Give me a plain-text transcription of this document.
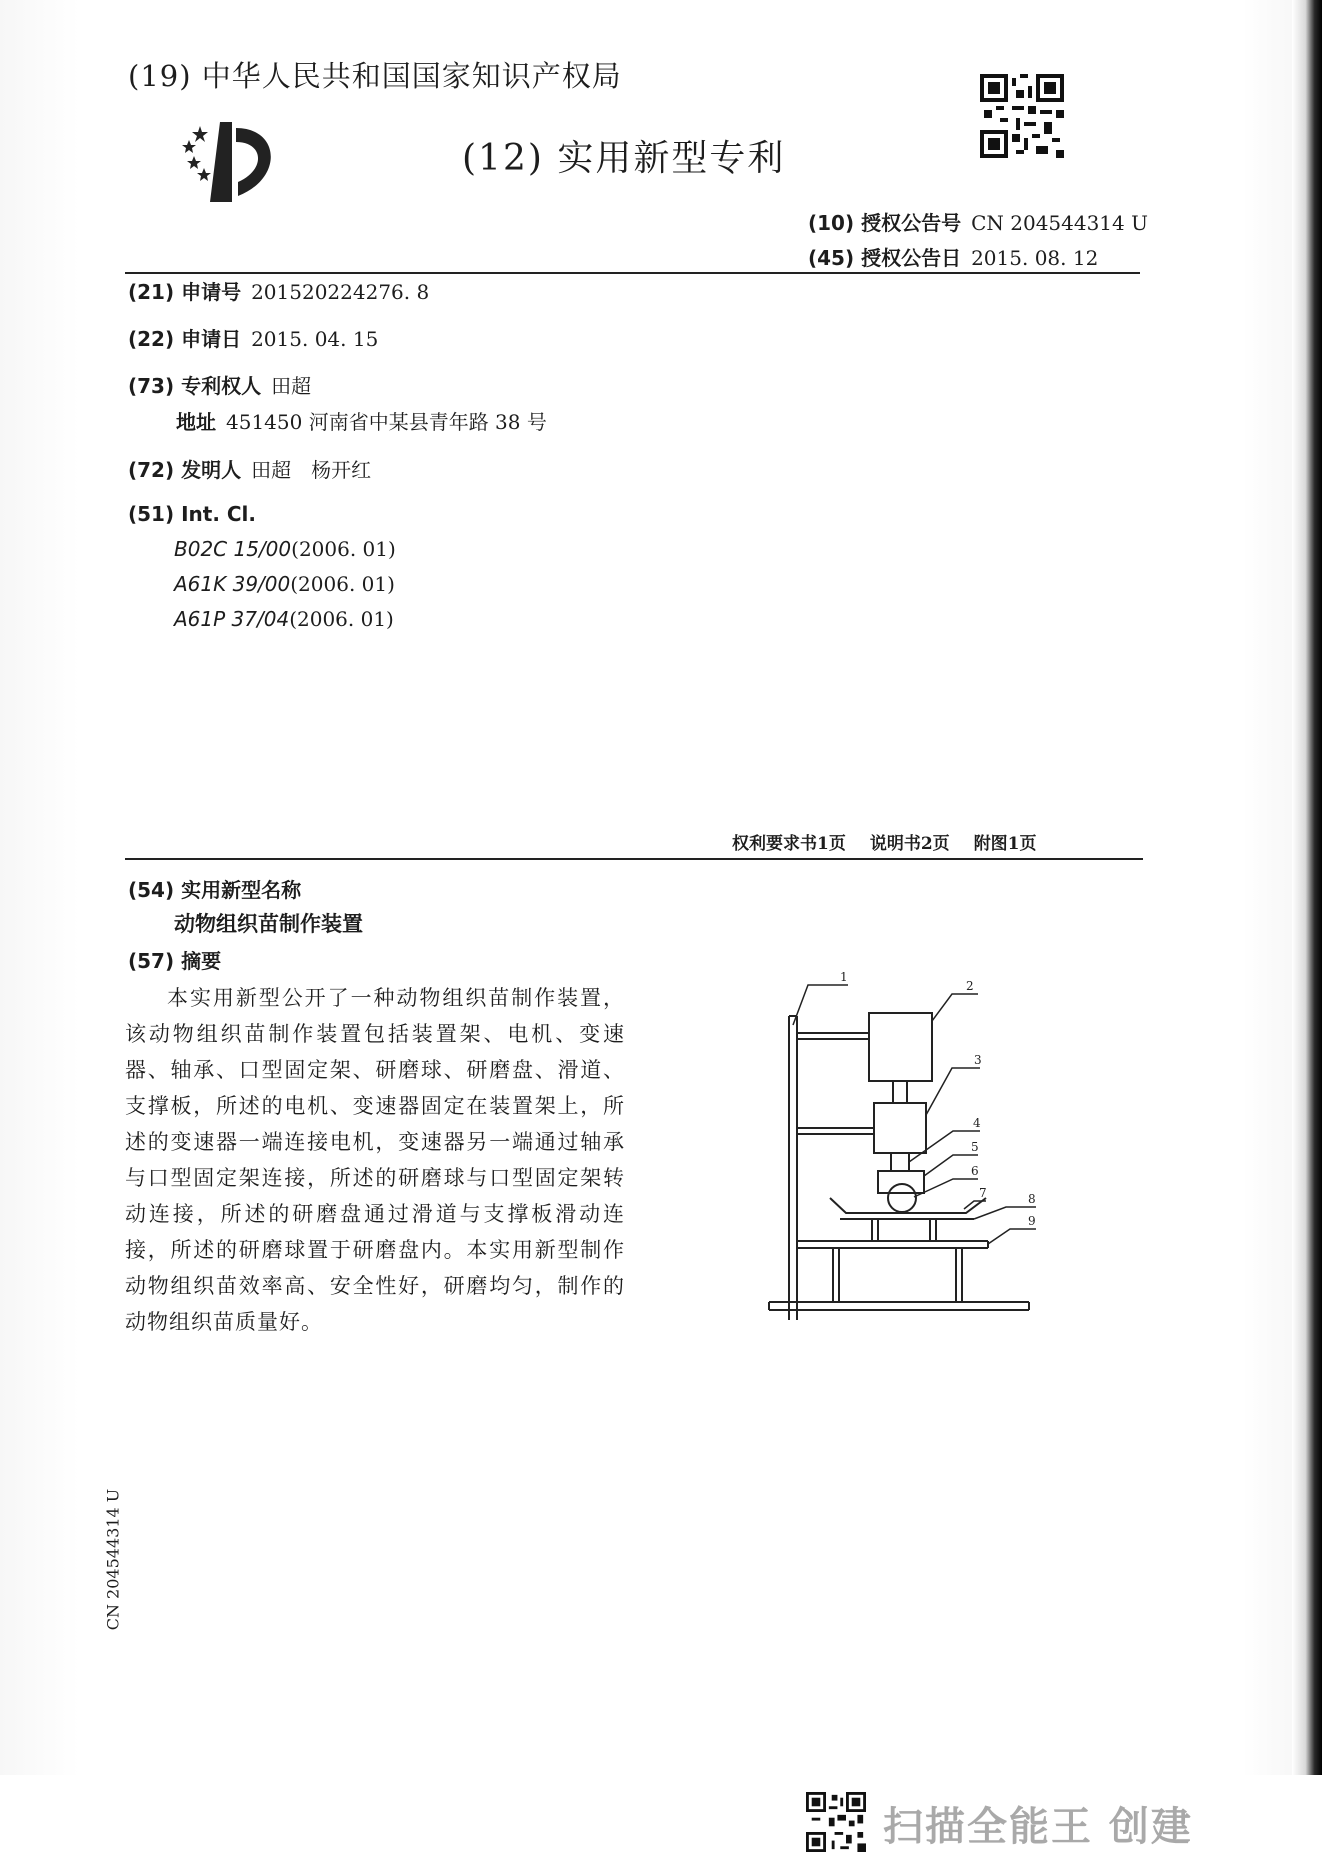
(19) 中华人民共和国国家知识产权局
(12) 实用新型专利
(10) 授权公告号 CN 204544314 U
(45) 授权公告日 2015. 08. 12
(21) 申请号 201520224276. 8
(22) 申请日 2015. 04. 15
(73) 专利权人 田超
地址 451450 河南省中某县青年路 38 号
(72) 发明人 田超　杨开红
(51) Int. Cl.
B02C 15/00(2006. 01)
A61K 39/00(2006. 01)
A61P 37/04(2006. 01)
权利要求书1页 说明书2页 附图1页
(54) 实用新型名称
动物组织苗制作装置
(57) 摘要
本实用新型公开了一种动物组织苗制作装置，该动物组织苗制作装置包括装置架、电机、变速器、轴承、口型固定架、研磨球、研磨盘、滑道、支撑板，所述的电机、变速器固定在装置架上，所述的变速器一端连接电机，变速器另一端通过轴承与口型固定架连接，所述的研磨球与口型固定架转动连接，所述的研磨盘通过滑道与支撑板滑动连接，所述的研磨球置于研磨盘内。本实用新型制作动物组织苗效率高、安全性好，研磨均匀，制作的动物组织苗质量好。
1
2
3
4
5
6
7	8
9
CN 204544314 U
扫描全能王 创建
